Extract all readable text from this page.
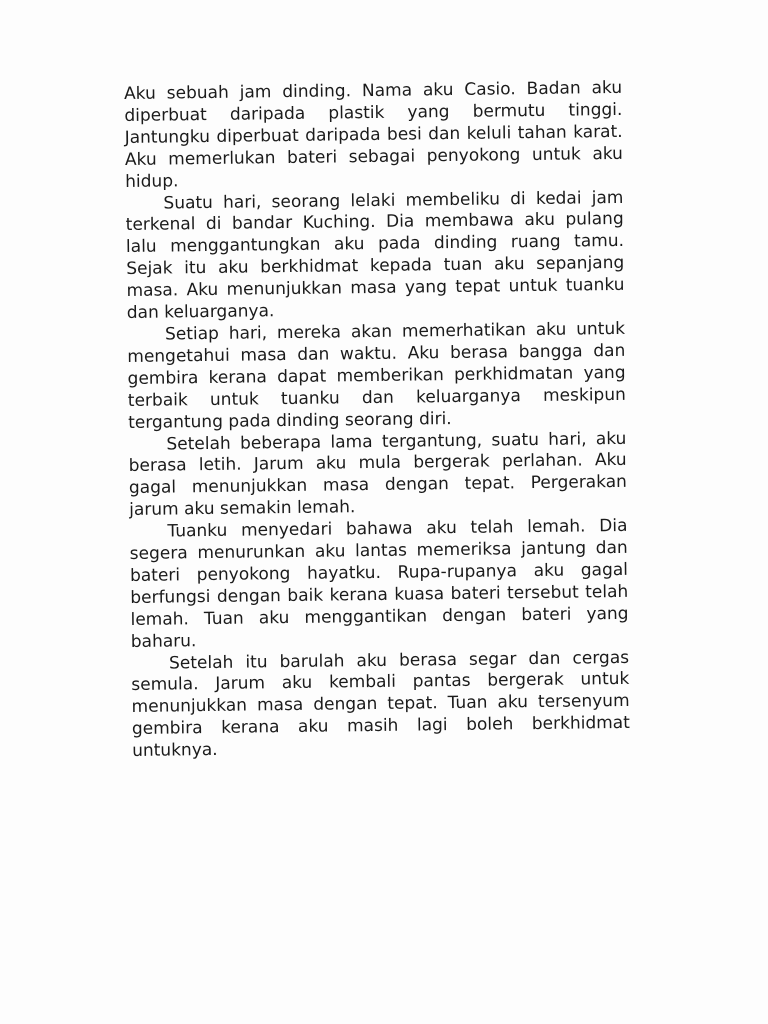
Aku sebuah jam dinding. Nama aku Casio. Badan aku diperbuat daripada plastik yang bermutu tinggi. Jantungku diperbuat daripada besi dan keluli tahan karat. Aku memerlukan bateri sebagai penyokong untuk aku hidup.

Suatu hari, seorang lelaki membeliku di kedai jam terkenal di bandar Kuching. Dia membawa aku pulang lalu menggantungkan aku pada dinding ruang tamu. Sejak itu aku berkhidmat kepada tuan aku sepanjang masa. Aku menunjukkan masa yang tepat untuk tuanku dan keluarganya.

Setiap hari, mereka akan memerhatikan aku untuk mengetahui masa dan waktu. Aku berasa bangga dan gembira kerana dapat memberikan perkhidmatan yang terbaik untuk tuanku dan keluarganya meskipun tergantung pada dinding seorang diri.

Setelah beberapa lama tergantung, suatu hari, aku berasa letih. Jarum aku mula bergerak perlahan. Aku gagal menunjukkan masa dengan tepat. Pergerakan jarum aku semakin lemah.

Tuanku menyedari bahawa aku telah lemah. Dia segera menurunkan aku lantas memeriksa jantung dan bateri penyokong hayatku. Rupa-rupanya aku gagal berfungsi dengan baik kerana kuasa bateri tersebut telah lemah. Tuan aku menggantikan dengan bateri yang baharu.

Setelah itu barulah aku berasa segar dan cergas semula. Jarum aku kembali pantas bergerak untuk menunjukkan masa dengan tepat. Tuan aku tersenyum gembira kerana aku masih lagi boleh berkhidmat untuknya.
